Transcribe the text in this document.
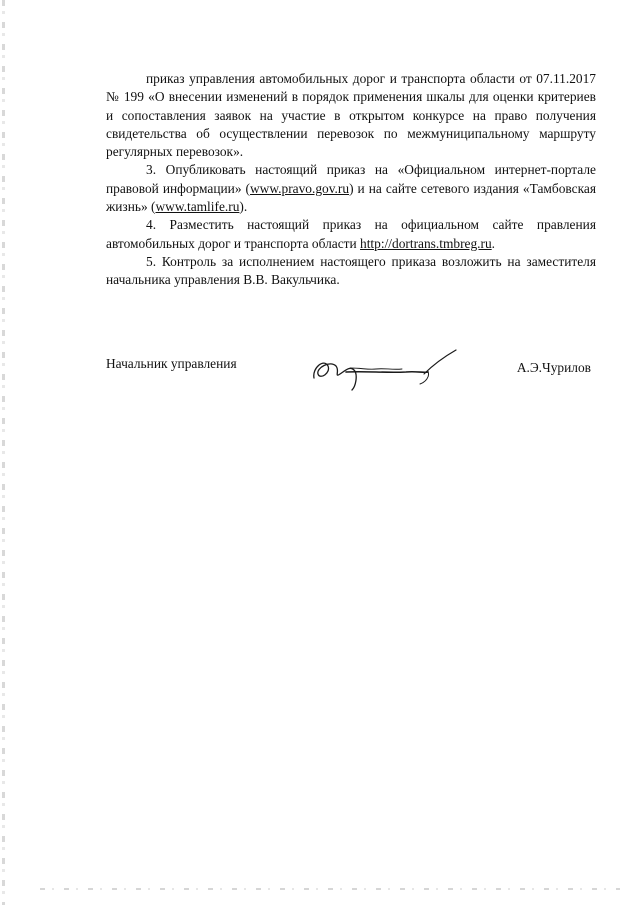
приказ управления автомобильных дорог и транспорта области от 07.11.2017 № 199 «О внесении изменений в порядок применения шкалы для оценки критериев и сопоставления заявок на участие в открытом конкурсе на право получения свидетельства об осуществлении перевозок по межмуниципальному маршруту регулярных перевозок».

3. Опубликовать настоящий приказ на «Официальном интернет-портале правовой информации» (www.pravo.gov.ru) и на сайте сетевого издания «Тамбовская жизнь» (www.tamlife.ru).

4. Разместить настоящий приказ на официальном сайте правления автомобильных дорог и транспорта области http://dortrans.tmbreg.ru.

5. Контроль за исполнением настоящего приказа возложить на заместителя начальника управления В.В. Вакульчика.

Начальник управления	А.Э.Чурилов
